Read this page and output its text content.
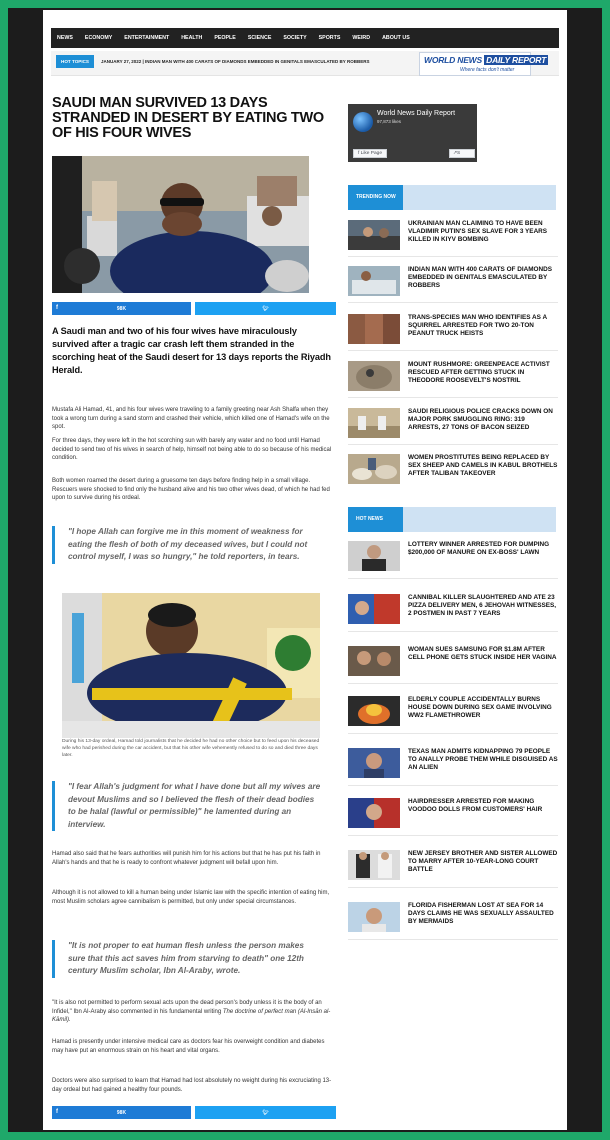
NEWS	ECONOMY	ENTERTAINMENT	HEALTH	PEOPLE	SCIENCE	SOCIETY	SPORTS	WEIRD	ABOUT US
HOT TOPICS	JANUARY 27, 2022 | INDIAN MAN WITH 400 CARATS OF DIAMONDS EMBEDDED IN GENITALS EMASCULATED BY ROBBERS	WORLD NEWS DAILY REPORT
Where facts don't matter
SAUDI MAN SURVIVED 13 DAYS STRANDED IN DESERT BY EATING TWO OF HIS FOUR WIVES
f	98K	🐦︎

A Saudi man and two of his four wives have miraculously survived after a tragic car crash left them stranded in the scorching heat of the Saudi desert for 13 days reports the Riyadh Herald.

Mustafa Ali Hamad, 41, and his four wives were traveling to a family greeting near Ash Shalfa when they took a wrong turn during a sand storm and crashed their vehicle, which killed one of Hamad's wife on the spot.

For three days, they were left in the hot scorching sun with barely any water and no food until Hamad decided to send two of his wives in search of help, himself not being able to do so because of his medical condition.

Both women roamed the desert during a gruesome ten days before finding help in a small village. Rescuers were shocked to find only the husband alive and his two other wives dead, of which he had fed upon to survive during his ordeal.

"I hope Allah can forgive me in this moment of weakness for eating the flesh of both of my deceased wives, but I could not control myself, I was so hungry," he told reporters, in tears.

During his 13-day ordeal, Hamad told journalists that he decided he had no other choice but to feed upon his deceased wife who had perished during the car accident, but that his other wife vehemently refused to do so and died three days later.

"I fear Allah's judgment for what I have done but all my wives are devout Muslims and so I believed the flesh of their dead bodies to be halal (lawful or permissible)" he lamented during an interview.

Hamad also said that he fears authorities will punish him for his actions but that he has put his faith in Allah's hands and that he is ready to confront whatever judgment will befall upon him.

Although it is not allowed to kill a human being under Islamic law with the specific intention of eating him, most Muslim scholars agree cannibalism is permitted, but only under special circumstances.

"It is not proper to eat human flesh unless the person makes sure that this act saves him from starving to death" one 12th century Muslim scholar, Ibn Al-Araby, wrote.

"It is also not permitted to perform sexual acts upon the dead person's body unless it is the body of an Infidel," Ibn Al-Araby also commented in his fundamental writing The doctrine of perfect man (Al-Insān al-Kāmil).

Hamad is presently under intensive medical care as doctors fear his overweight condition and diabetes may have put an enormous strain on his heart and vital organs.

Doctors were also surprised to learn that Hamad had lost absolutely no weight during his excruciating 13-day ordeal but had gained a healthy four pounds.

f	98K	🐦︎
World News Daily Report
97,873 likes
f Like Page	↗S
TRENDING NOW
UKRAINIAN MAN CLAIMING TO HAVE BEEN VLADIMIR PUTIN'S SEX SLAVE FOR 3 YEARS KILLED IN KIYV BOMBING
INDIAN MAN WITH 400 CARATS OF DIAMONDS EMBEDDED IN GENITALS EMASCULATED BY ROBBERS
TRANS-SPECIES MAN WHO IDENTIFIES AS A SQUIRREL ARRESTED FOR TWO 20-TON PEANUT TRUCK HEISTS
MOUNT RUSHMORE: GREENPEACE ACTIVIST RESCUED AFTER GETTING STUCK IN THEODORE ROOSEVELT'S NOSTRIL
SAUDI RELIGIOUS POLICE CRACKS DOWN ON MAJOR PORK SMUGGLING RING: 319 ARRESTS, 27 TONS OF BACON SEIZED
WOMEN PROSTITUTES BEING REPLACED BY SEX SHEEP AND CAMELS IN KABUL BROTHELS AFTER TALIBAN TAKEOVER
HOT NEWS
LOTTERY WINNER ARRESTED FOR DUMPING $200,000 OF MANURE ON EX-BOSS' LAWN
CANNIBAL KILLER SLAUGHTERED AND ATE 23 PIZZA DELIVERY MEN, 6 JEHOVAH WITNESSES, 2 POSTMEN IN PAST 7 YEARS
WOMAN SUES SAMSUNG FOR $1.8M AFTER CELL PHONE GETS STUCK INSIDE HER VAGINA
ELDERLY COUPLE ACCIDENTALLY BURNS HOUSE DOWN DURING SEX GAME INVOLVING WW2 FLAMETHROWER
TEXAS MAN ADMITS KIDNAPPING 79 PEOPLE TO ANALLY PROBE THEM WHILE DISGUISED AS AN ALIEN
HAIRDRESSER ARRESTED FOR MAKING VOODOO DOLLS FROM CUSTOMERS' HAIR
NEW JERSEY BROTHER AND SISTER ALLOWED TO MARRY AFTER 10-YEAR-LONG COURT BATTLE
FLORIDA FISHERMAN LOST AT SEA FOR 14 DAYS CLAIMS HE WAS SEXUALLY ASSAULTED BY MERMAIDS
